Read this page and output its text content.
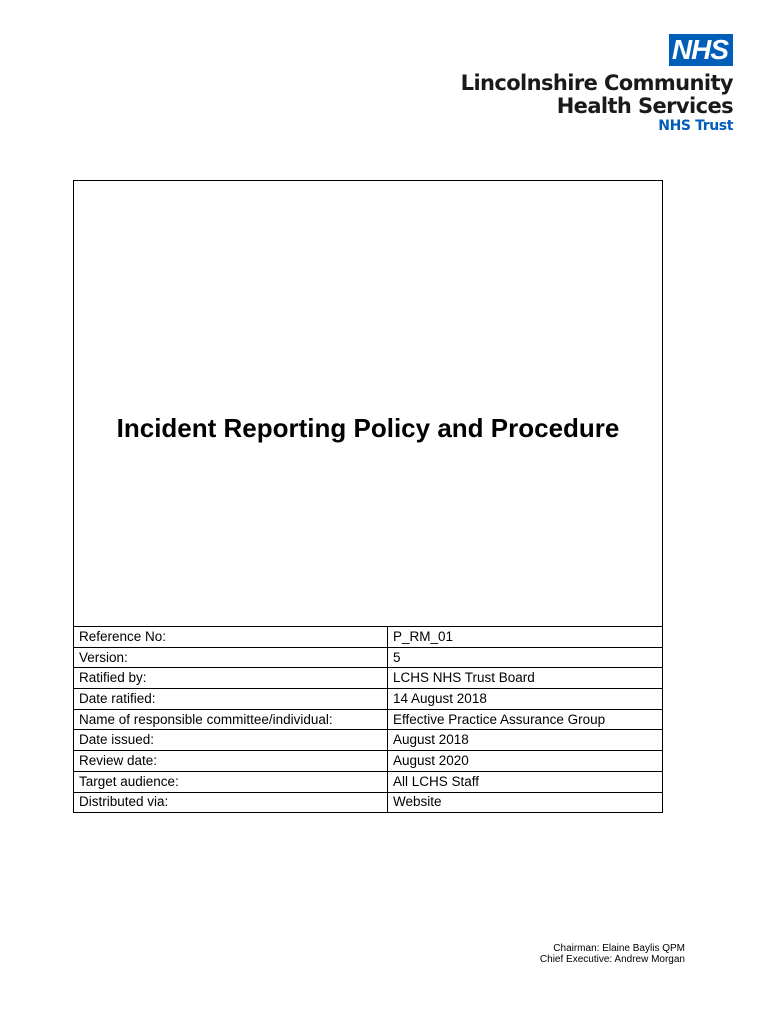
NHS
Lincolnshire Community
Health Services
NHS Trust
Incident Reporting Policy and Procedure
Reference No:	P_RM_01
Version:	5
Ratified by:	LCHS NHS Trust Board
Date ratified:	14 August 2018
Name of responsible committee/individual:	Effective Practice Assurance Group
Date issued:	August 2018
Review date:	August 2020
Target audience:	All LCHS Staff
Distributed via:	Website
Chairman: Elaine Baylis QPM
Chief Executive: Andrew Morgan
